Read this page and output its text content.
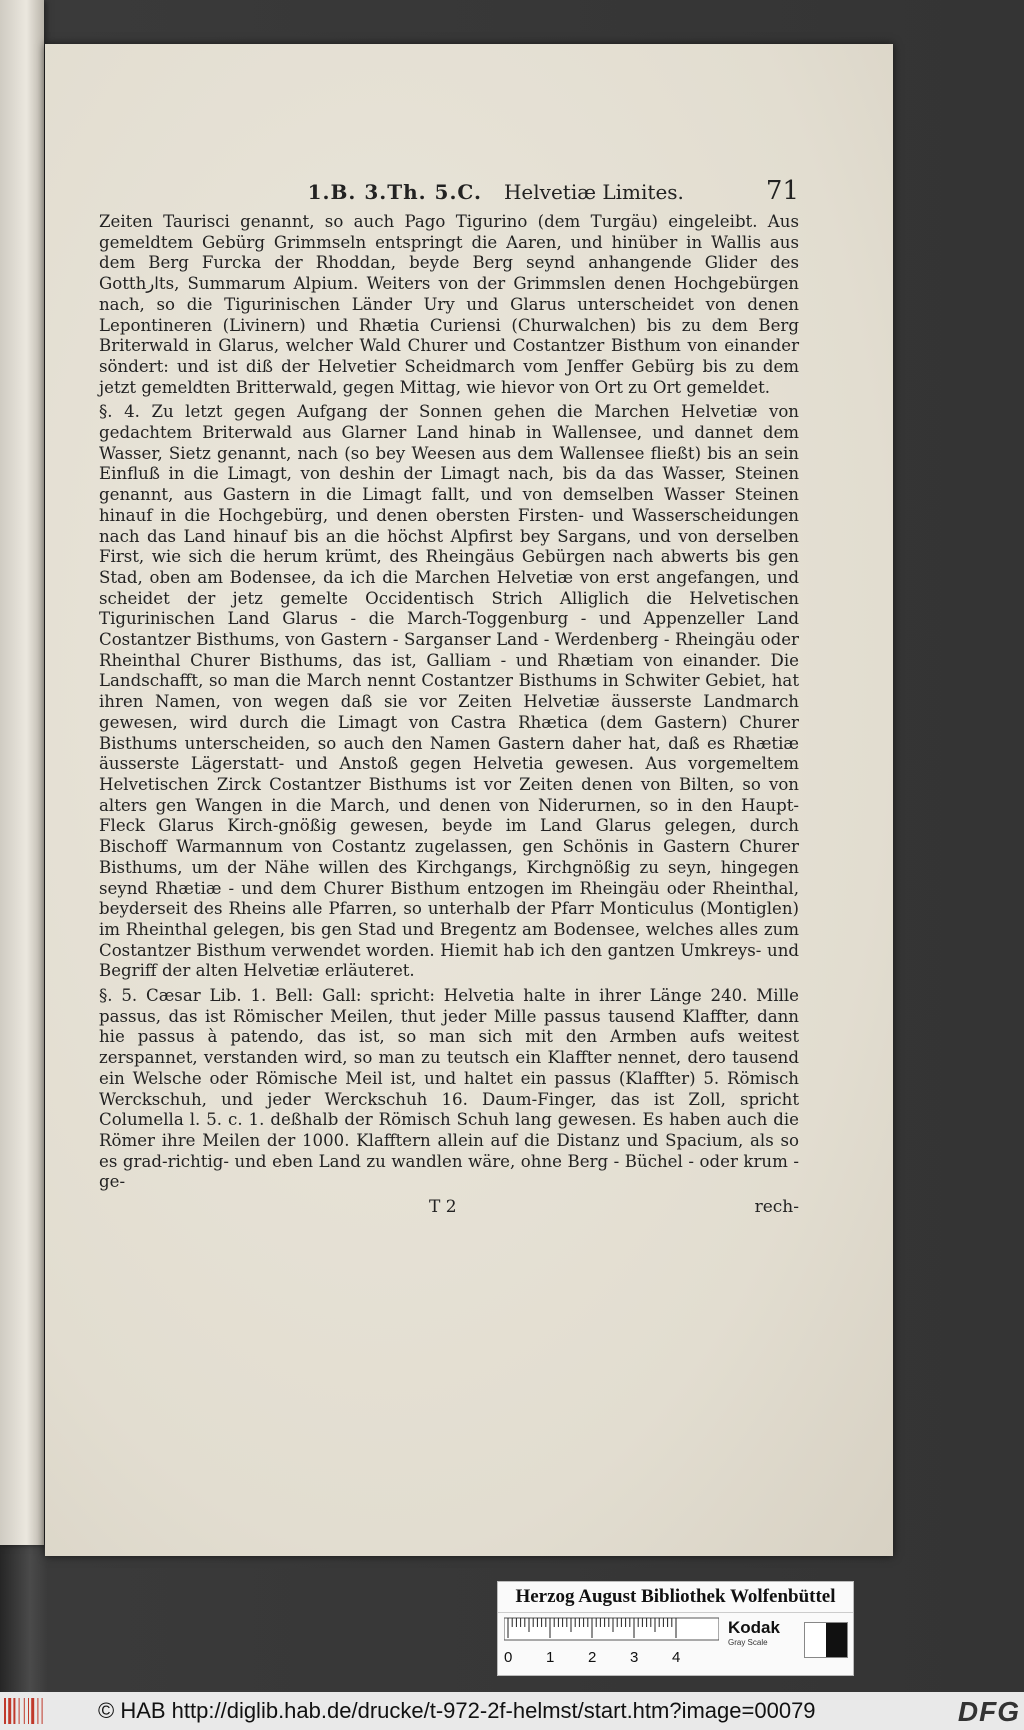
1.B. 3.Th. 5.C. Helvetiæ Limites.	71

Zeiten Taurisci genannt, so auch Pago Tigurino (dem Turgäu) eingeleibt. Aus gemeldtem Gebürg Grimmseln entspringt die Aaren, und hinüber in Wallis aus dem Berg Furcka der Rhoddan, beyde Berg seynd anhangende Glider des Gotthارts, Summarum Alpium. Weiters von der Grimmslen denen Hochgebürgen nach, so die Tigurinischen Länder Ury und Glarus unterscheidet von denen Lepontineren (Livinern) und Rhætia Curiensi (Churwalchen) bis zu dem Berg Briterwald in Glarus, welcher Wald Churer und Costantzer Bisthum von einander söndert: und ist diß der Helvetier Scheidmarch vom Jenffer Gebürg bis zu dem jetzt gemeldten Britterwald, gegen Mittag, wie hievor von Ort zu Ort gemeldet.

§. 4. Zu letzt gegen Aufgang der Sonnen gehen die Marchen Helvetiæ von gedachtem Briterwald aus Glarner Land hinab in Wallensee, und dannet dem Wasser, Sietz genannt, nach (so bey Weesen aus dem Wallensee fließt) bis an sein Einfluß in die Limagt, von deshin der Limagt nach, bis da das Wasser, Steinen genannt, aus Gastern in die Limagt fallt, und von demselben Wasser Steinen hinauf in die Hochgebürg, und denen obersten Firsten- und Wasserscheidungen nach das Land hinauf bis an die höchst Alpfirst bey Sargans, und von derselben First, wie sich die herum krümt, des Rheingäus Gebürgen nach abwerts bis gen Stad, oben am Bodensee, da ich die Marchen Helvetiæ von erst angefangen, und scheidet der jetz gemelte Occidentisch Strich Alliglich die Helvetischen Tigurinischen Land Glarus - die March-Toggenburg - und Appenzeller Land Costantzer Bisthums, von Gastern - Sarganser Land - Werdenberg - Rheingäu oder Rheinthal Churer Bisthums, das ist, Galliam - und Rhætiam von einander. Die Landschafft, so man die March nennt Costantzer Bisthums in Schwiter Gebiet, hat ihren Namen, von wegen daß sie vor Zeiten Helvetiæ äusserste Landmarch gewesen, wird durch die Limagt von Castra Rhætica (dem Gastern) Churer Bisthums unterscheiden, so auch den Namen Gastern daher hat, daß es Rhætiæ äusserste Lägerstatt- und Anstoß gegen Helvetia gewesen. Aus vorgemeltem Helvetischen Zirck Costantzer Bisthums ist vor Zeiten denen von Bilten, so von alters gen Wangen in die March, und denen von Niderurnen, so in den Haupt-Fleck Glarus Kirch-gnößig gewesen, beyde im Land Glarus gelegen, durch Bischoff Warmannum von Costantz zugelassen, gen Schönis in Gastern Churer Bisthums, um der Nähe willen des Kirchgangs, Kirchgnößig zu seyn, hingegen seynd Rhætiæ - und dem Churer Bisthum entzogen im Rheingäu oder Rheinthal, beyderseit des Rheins alle Pfarren, so unterhalb der Pfarr Monticulus (Montiglen) im Rheinthal gelegen, bis gen Stad und Bregentz am Bodensee, welches alles zum Costantzer Bisthum verwendet worden. Hiemit hab ich den gantzen Umkreys- und Begriff der alten Helvetiæ erläuteret.

§. 5. Cæsar Lib. 1. Bell: Gall: spricht: Helvetia halte in ihrer Länge 240. Mille passus, das ist Römischer Meilen, thut jeder Mille passus tausend Klaffter, dann hie passus à patendo, das ist, so man sich mit den Armben aufs weitest zerspannet, verstanden wird, so man zu teutsch ein Klaffter nennet, dero tausend ein Welsche oder Römische Meil ist, und haltet ein passus (Klaffter) 5. Römisch Werckschuh, und jeder Werckschuh 16. Daum-Finger, das ist Zoll, spricht Columella l. 5. c. 1. deßhalb der Römisch Schuh lang gewesen. Es haben auch die Römer ihre Meilen der 1000. Klafftern allein auf die Distanz und Spacium, als so es grad-richtig- und eben Land zu wandlen wäre, ohne Berg - Büchel - oder krum - ge-

T 2	rech-
Herzog August Bibliothek Wolfenbüttel
0 1 2 3 4
Kodak
Gray Scale
© HAB http://diglib.hab.de/drucke/t-972-2f-helmst/start.htm?image=00079	DFG
